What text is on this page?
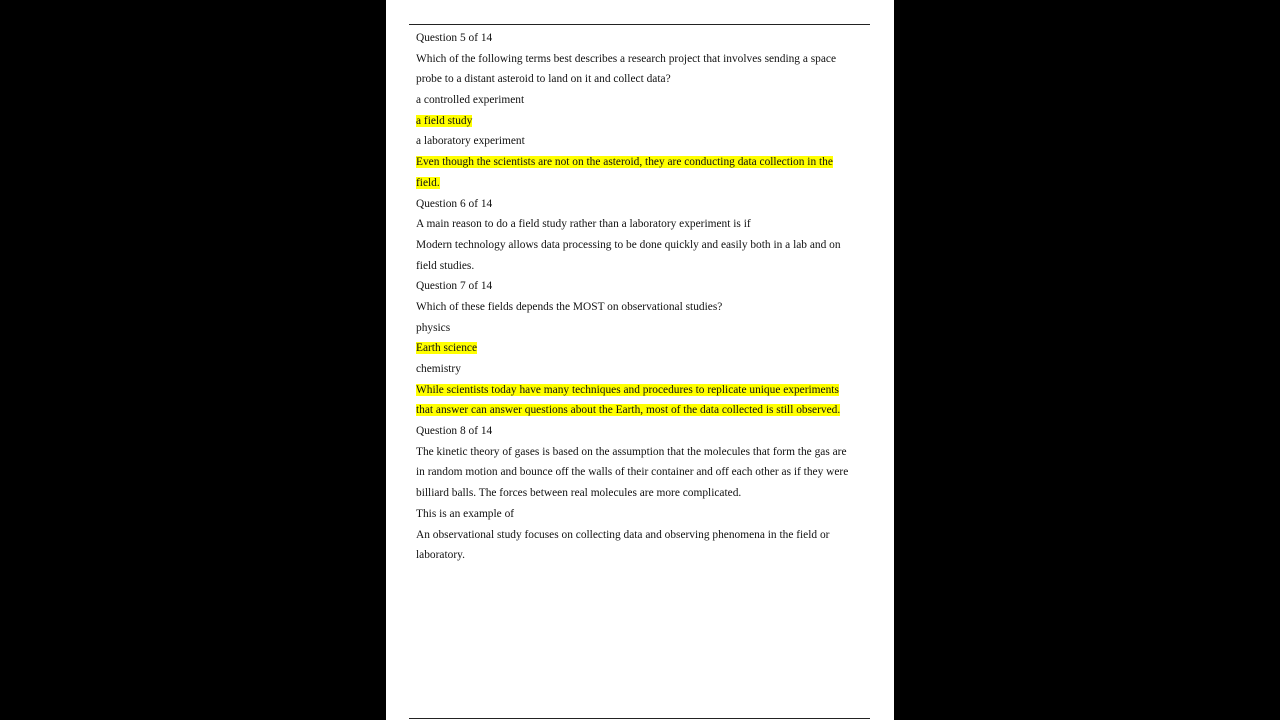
Question 5 of 14
Which of the following terms best describes a research project that involves sending a space
probe to a distant asteroid to land on it and collect data?
a controlled experiment
a field study
a laboratory experiment
Even though the scientists are not on the asteroid, they are conducting data collection in the
field.
Question 6 of 14
A main reason to do a field study rather than a laboratory experiment is if
Modern technology allows data processing to be done quickly and easily both in a lab and on
field studies.
Question 7 of 14
Which of these fields depends the MOST on observational studies?
physics
Earth science
chemistry
While scientists today have many techniques and procedures to replicate unique experiments
that answer can answer questions about the Earth, most of the data collected is still observed.
Question 8 of 14
The kinetic theory of gases is based on the assumption that the molecules that form the gas are
in random motion and bounce off the walls of their container and off each other as if they were
billiard balls. The forces between real molecules are more complicated.
This is an example of
An observational study focuses on collecting data and observing phenomena in the field or
laboratory.
